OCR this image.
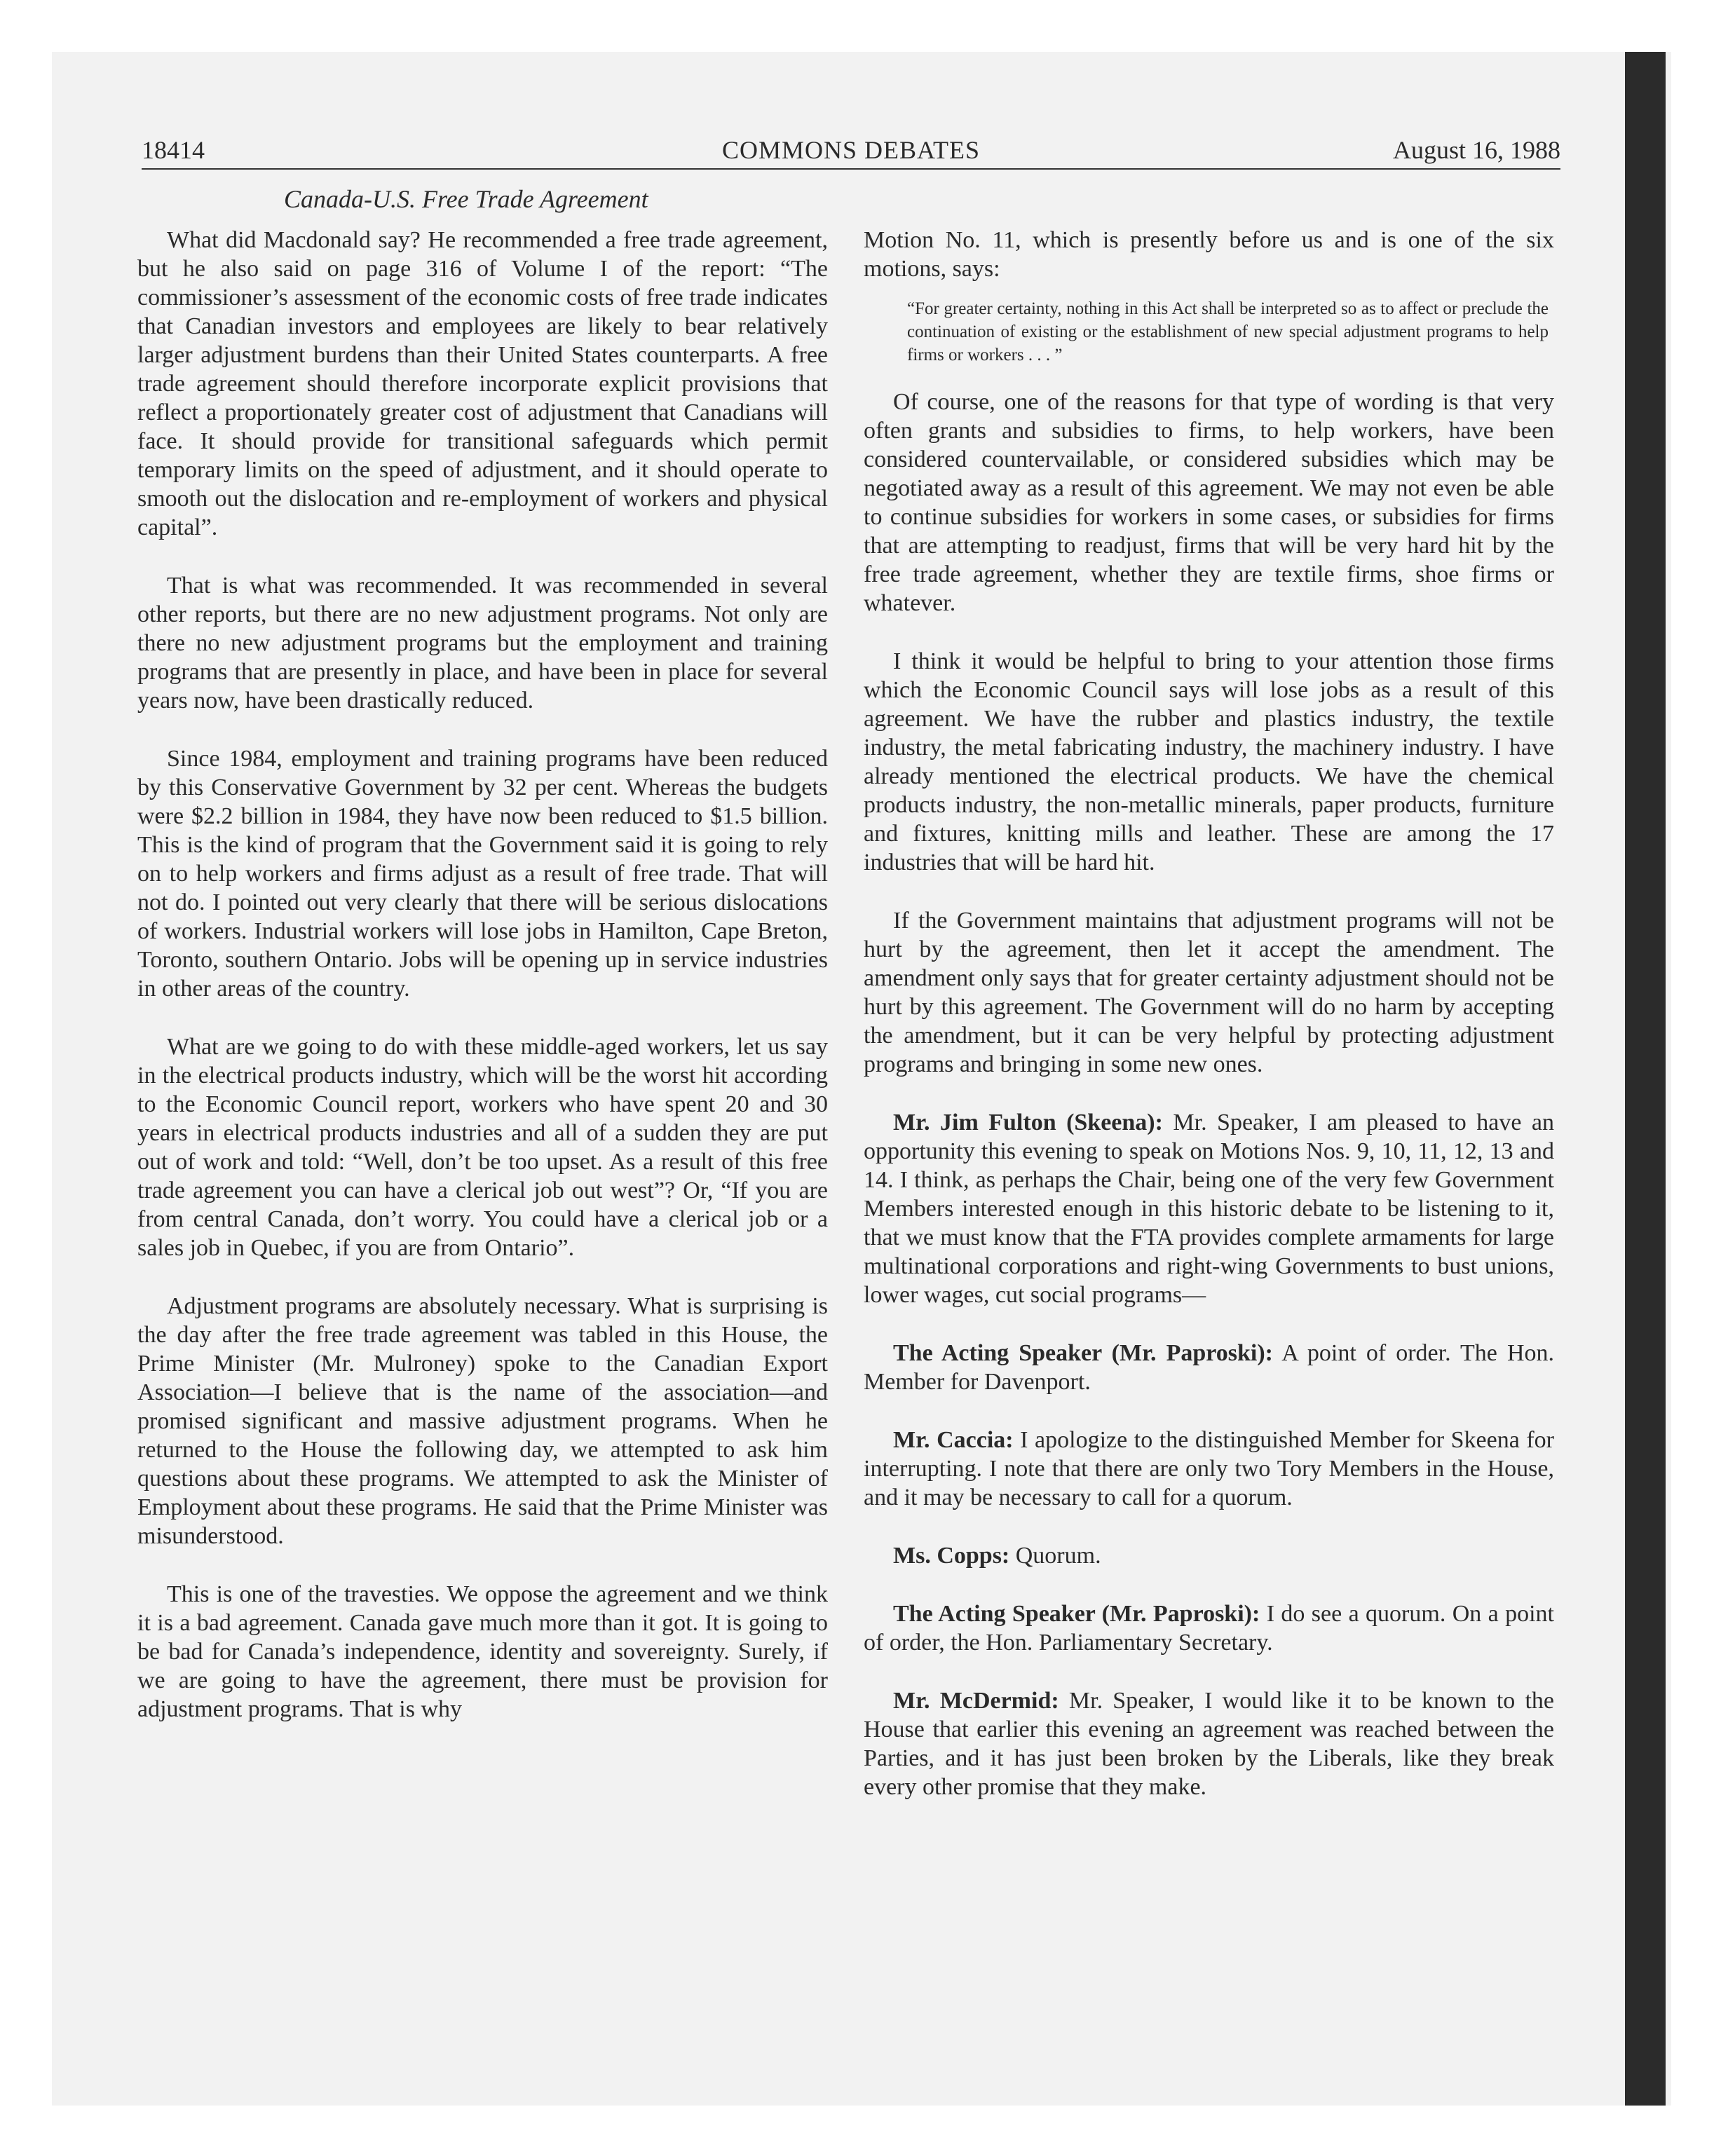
18414	COMMONS DEBATES	August 16, 1988
Canada-U.S. Free Trade Agreement

What did Macdonald say? He recommended a free trade agreement, but he also said on page 316 of Volume I of the report: “The commissioner’s assessment of the economic costs of free trade indicates that Canadian investors and employees are likely to bear relatively larger adjustment burdens than their United States counterparts. A free trade agreement should therefore incorporate explicit provisions that reflect a proportionately greater cost of adjustment that Canadians will face. It should provide for transitional safeguards which permit temporary limits on the speed of adjustment, and it should operate to smooth out the dislocation and re-employment of workers and physical capital”.

That is what was recommended. It was recommended in several other reports, but there are no new adjustment programs. Not only are there no new adjustment programs but the employment and training programs that are presently in place, and have been in place for several years now, have been drastically reduced.

Since 1984, employment and training programs have been reduced by this Conservative Government by 32 per cent. Whereas the budgets were $2.2 billion in 1984, they have now been reduced to $1.5 billion. This is the kind of program that the Government said it is going to rely on to help workers and firms adjust as a result of free trade. That will not do. I pointed out very clearly that there will be serious dislocations of workers. Industrial workers will lose jobs in Hamilton, Cape Breton, Toronto, southern Ontario. Jobs will be opening up in service industries in other areas of the country.

What are we going to do with these middle-aged workers, let us say in the electrical products industry, which will be the worst hit according to the Economic Council report, workers who have spent 20 and 30 years in electrical products industries and all of a sudden they are put out of work and told: “Well, don’t be too upset. As a result of this free trade agreement you can have a clerical job out west”? Or, “If you are from central Canada, don’t worry. You could have a clerical job or a sales job in Quebec, if you are from Ontario”.

Adjustment programs are absolutely necessary. What is surprising is the day after the free trade agreement was tabled in this House, the Prime Minister (Mr. Mulroney) spoke to the Canadian Export Association—I believe that is the name of the association—and promised significant and massive adjustment programs. When he returned to the House the following day, we attempted to ask him questions about these programs. We attempted to ask the Minister of Employment about these programs. He said that the Prime Minister was misunderstood.

This is one of the travesties. We oppose the agreement and we think it is a bad agreement. Canada gave much more than it got. It is going to be bad for Canada’s independence, identity and sovereignty. Surely, if we are going to have the agreement, there must be provision for adjustment programs. That is why

Motion No. 11, which is presently before us and is one of the six motions, says:

“For greater certainty, nothing in this Act shall be interpreted so as to affect or preclude the continuation of existing or the establishment of new special adjustment programs to help firms or workers . . . ”

Of course, one of the reasons for that type of wording is that very often grants and subsidies to firms, to help workers, have been considered countervailable, or considered subsidies which may be negotiated away as a result of this agreement. We may not even be able to continue subsidies for workers in some cases, or subsidies for firms that are attempting to readjust, firms that will be very hard hit by the free trade agreement, whether they are textile firms, shoe firms or whatever.

I think it would be helpful to bring to your attention those firms which the Economic Council says will lose jobs as a result of this agreement. We have the rubber and plastics industry, the textile industry, the metal fabricating industry, the machinery industry. I have already mentioned the electrical products. We have the chemical products industry, the non-metallic minerals, paper products, furniture and fixtures, knitting mills and leather. These are among the 17 industries that will be hard hit.

If the Government maintains that adjustment programs will not be hurt by the agreement, then let it accept the amendment. The amendment only says that for greater certainty adjustment should not be hurt by this agreement. The Government will do no harm by accepting the amendment, but it can be very helpful by protecting adjustment programs and bringing in some new ones.

Mr. Jim Fulton (Skeena): Mr. Speaker, I am pleased to have an opportunity this evening to speak on Motions Nos. 9, 10, 11, 12, 13 and 14. I think, as perhaps the Chair, being one of the very few Government Members interested enough in this historic debate to be listening to it, that we must know that the FTA provides complete armaments for large multinational corporations and right-wing Governments to bust unions, lower wages, cut social programs—

The Acting Speaker (Mr. Paproski): A point of order. The Hon. Member for Davenport.

Mr. Caccia: I apologize to the distinguished Member for Skeena for interrupting. I note that there are only two Tory Members in the House, and it may be necessary to call for a quorum.

Ms. Copps: Quorum.

The Acting Speaker (Mr. Paproski): I do see a quorum. On a point of order, the Hon. Parliamentary Secretary.

Mr. McDermid: Mr. Speaker, I would like it to be known to the House that earlier this evening an agreement was reached between the Parties, and it has just been broken by the Liberals, like they break every other promise that they make.
